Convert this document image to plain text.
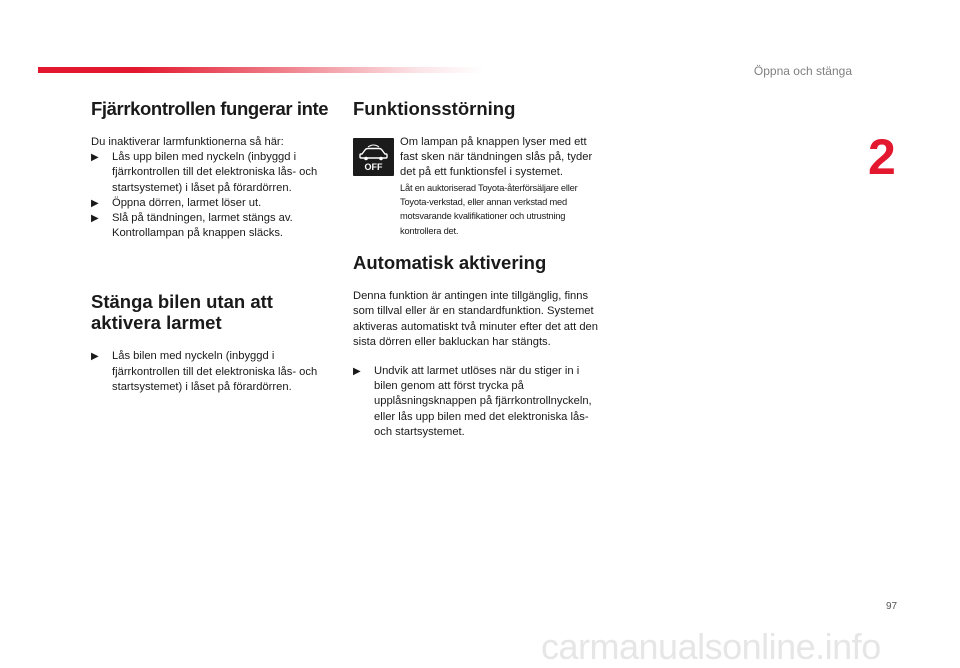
Öppna och stänga
2
Fjärrkontrollen fungerar inte

Du inaktiverar larmfunktionerna så här:

▶ Lås upp bilen med nyckeln (inbyggd i fjärrkontrollen till det elektroniska lås- och startsystemet) i låset på förardörren.

▶ Öppna dörren, larmet löser ut.

▶ Slå på tändningen, larmet stängs av. Kontrollampan på knappen släcks.

Stänga bilen utan att
aktivera larmet

▶ Lås bilen med nyckeln (inbyggd i fjärrkontrollen till det elektroniska lås- och startsystemet) i låset på förardörren.

Funktionsstörning
OFF
Om lampan på knappen lyser med ett fast sken när tändningen slås på, tyder det på ett funktionsfel i systemet.
Låt en auktoriserad Toyota-återförsäljare eller Toyota-verkstad, eller annan verkstad med motsvarande kvalifikationer och utrustning kontrollera det.
Automatisk aktivering

Denna funktion är antingen inte tillgänglig, finns som tillval eller är en standardfunktion. Systemet aktiveras automatiskt två minuter efter det att den sista dörren eller bakluckan har stängts.

▶ Undvik att larmet utlöses när du stiger in i bilen genom att först trycka på upplåsningsknappen på fjärrkontrollnyckeln, eller lås upp bilen med det elektroniska lås- och startsystemet.

97
carmanualsonline.info
